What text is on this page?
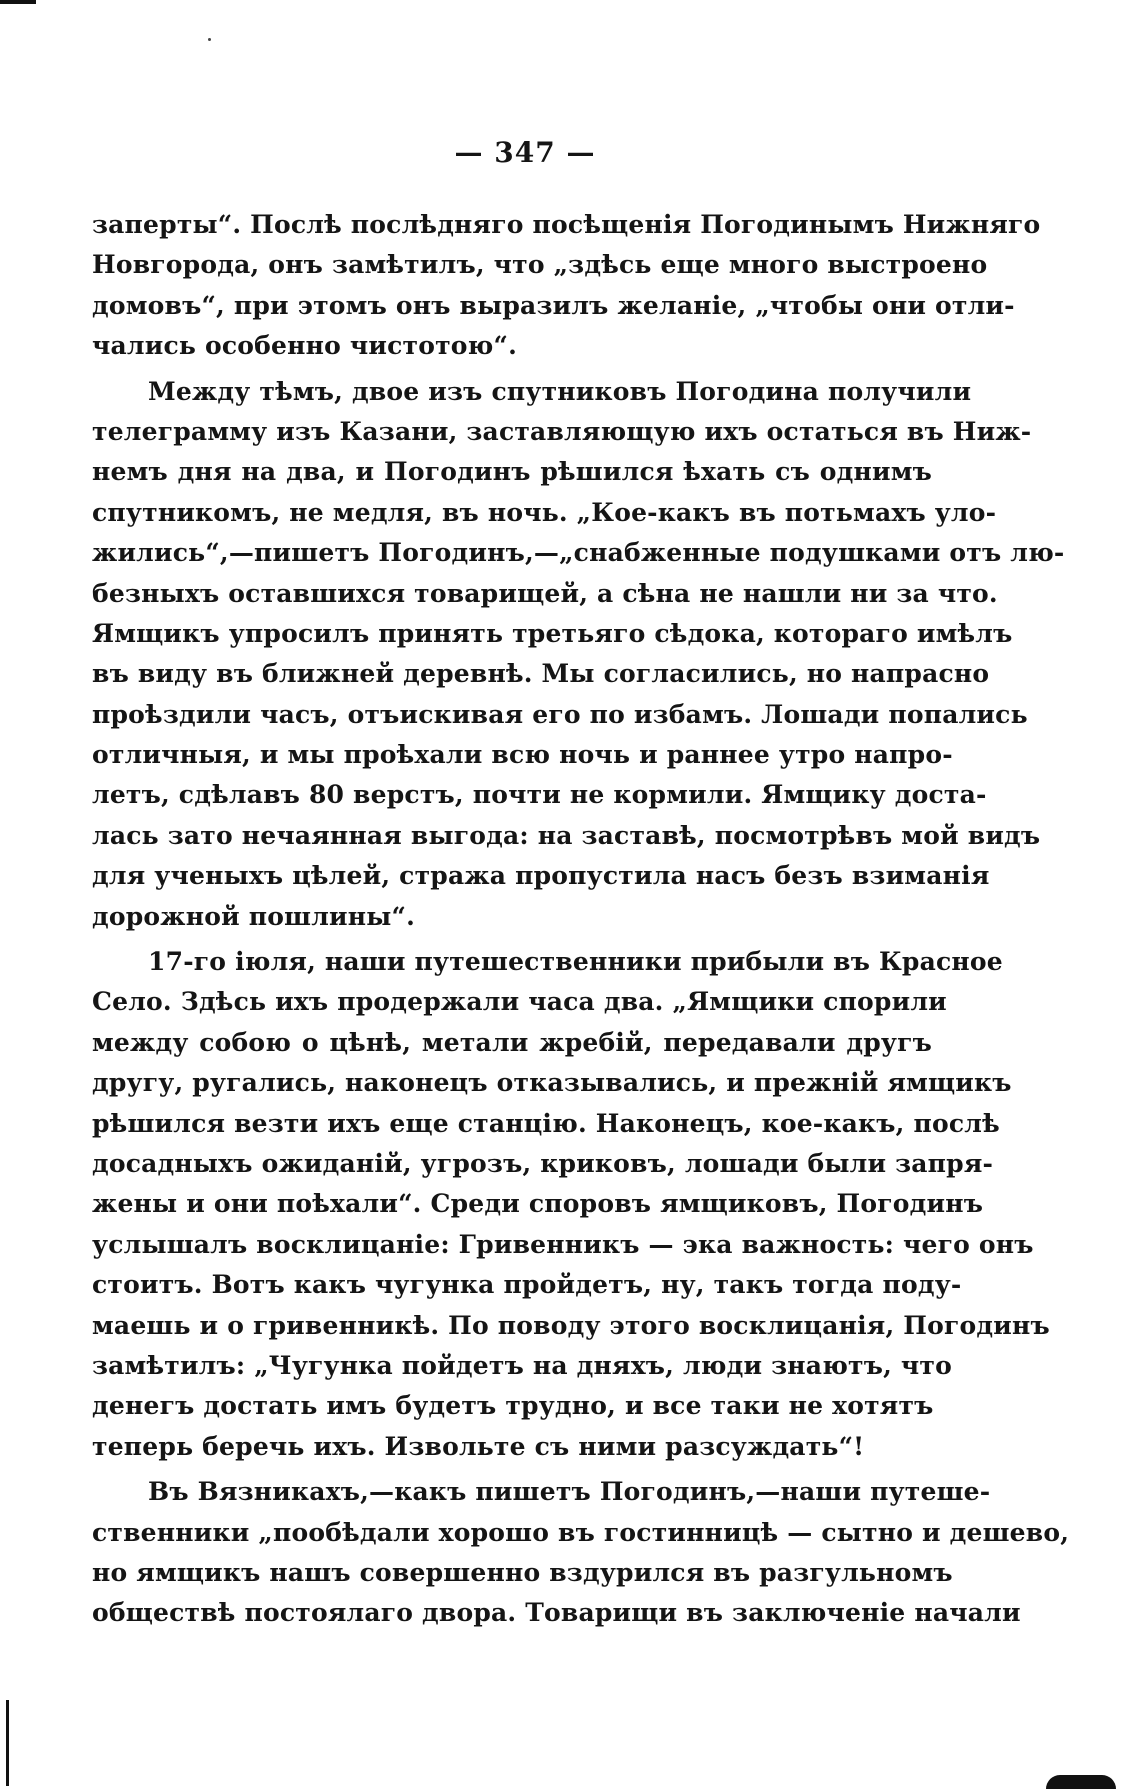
— 347 —
заперты“. Послѣ послѣдняго посѣщенія Погодинымъ Нижняго
Новгорода, онъ замѣтилъ, что „здѣсь еще много выстроено
домовъ“, при этомъ онъ выразилъ желаніе, „чтобы они отли-
чались особенно чистотою“.
Между тѣмъ, двое изъ спутниковъ Погодина получили
телеграмму изъ Казани, заставляющую ихъ остаться въ Ниж-
немъ дня на два, и Погодинъ рѣшился ѣхать съ однимъ
спутникомъ, не медля, въ ночь. „Кое-какъ въ потьмахъ уло-
жились“,—пишетъ Погодинъ,—„снабженные подушками отъ лю-
безныхъ оставшихся товарищей, а сѣна не нашли ни за что.
Ямщикъ упросилъ принять третьяго сѣдока, котораго имѣлъ
въ виду въ ближней деревнѣ. Мы согласились, но напрасно
проѣздили часъ, отъискивая его по избамъ. Лошади попались
отличныя, и мы проѣхали всю ночь и раннее утро напро-
летъ, сдѣлавъ 80 верстъ, почти не кормили. Ямщику доста-
лась зато нечаянная выгода: на заставѣ, посмотрѣвъ мой видъ
для ученыхъ цѣлей, стража пропустила насъ безъ взиманія
дорожной пошлины“.
17-го іюля, наши путешественники прибыли въ Красное
Село. Здѣсь ихъ продержали часа два. „Ямщики спорили
между собою о цѣнѣ, метали жребій, передавали другъ
другу, ругались, наконецъ отказывались, и прежній ямщикъ
рѣшился везти ихъ еще станцію. Наконецъ, кое-какъ, послѣ
досадныхъ ожиданій, угрозъ, криковъ, лошади были запря-
жены и они поѣхали“. Среди споровъ ямщиковъ, Погодинъ
услышалъ восклицаніе: Гривенникъ — эка важность: чего онъ
стоитъ. Вотъ какъ чугунка пройдетъ, ну, такъ тогда поду-
маешь и о гривенникѣ. По поводу этого восклицанія, Погодинъ
замѣтилъ: „Чугунка пойдетъ на дняхъ, люди знаютъ, что
денегъ достать имъ будетъ трудно, и все таки не хотятъ
теперь беречь ихъ. Извольте съ ними разсуждать“!
Въ Вязникахъ,—какъ пишетъ Погодинъ,—наши путеше-
ственники „пообѣдали хорошо въ гостинницѣ — сытно и дешево,
но ямщикъ нашъ совершенно вздурился въ разгульномъ
обществѣ постоялаго двора. Товарищи въ заключеніе начали
